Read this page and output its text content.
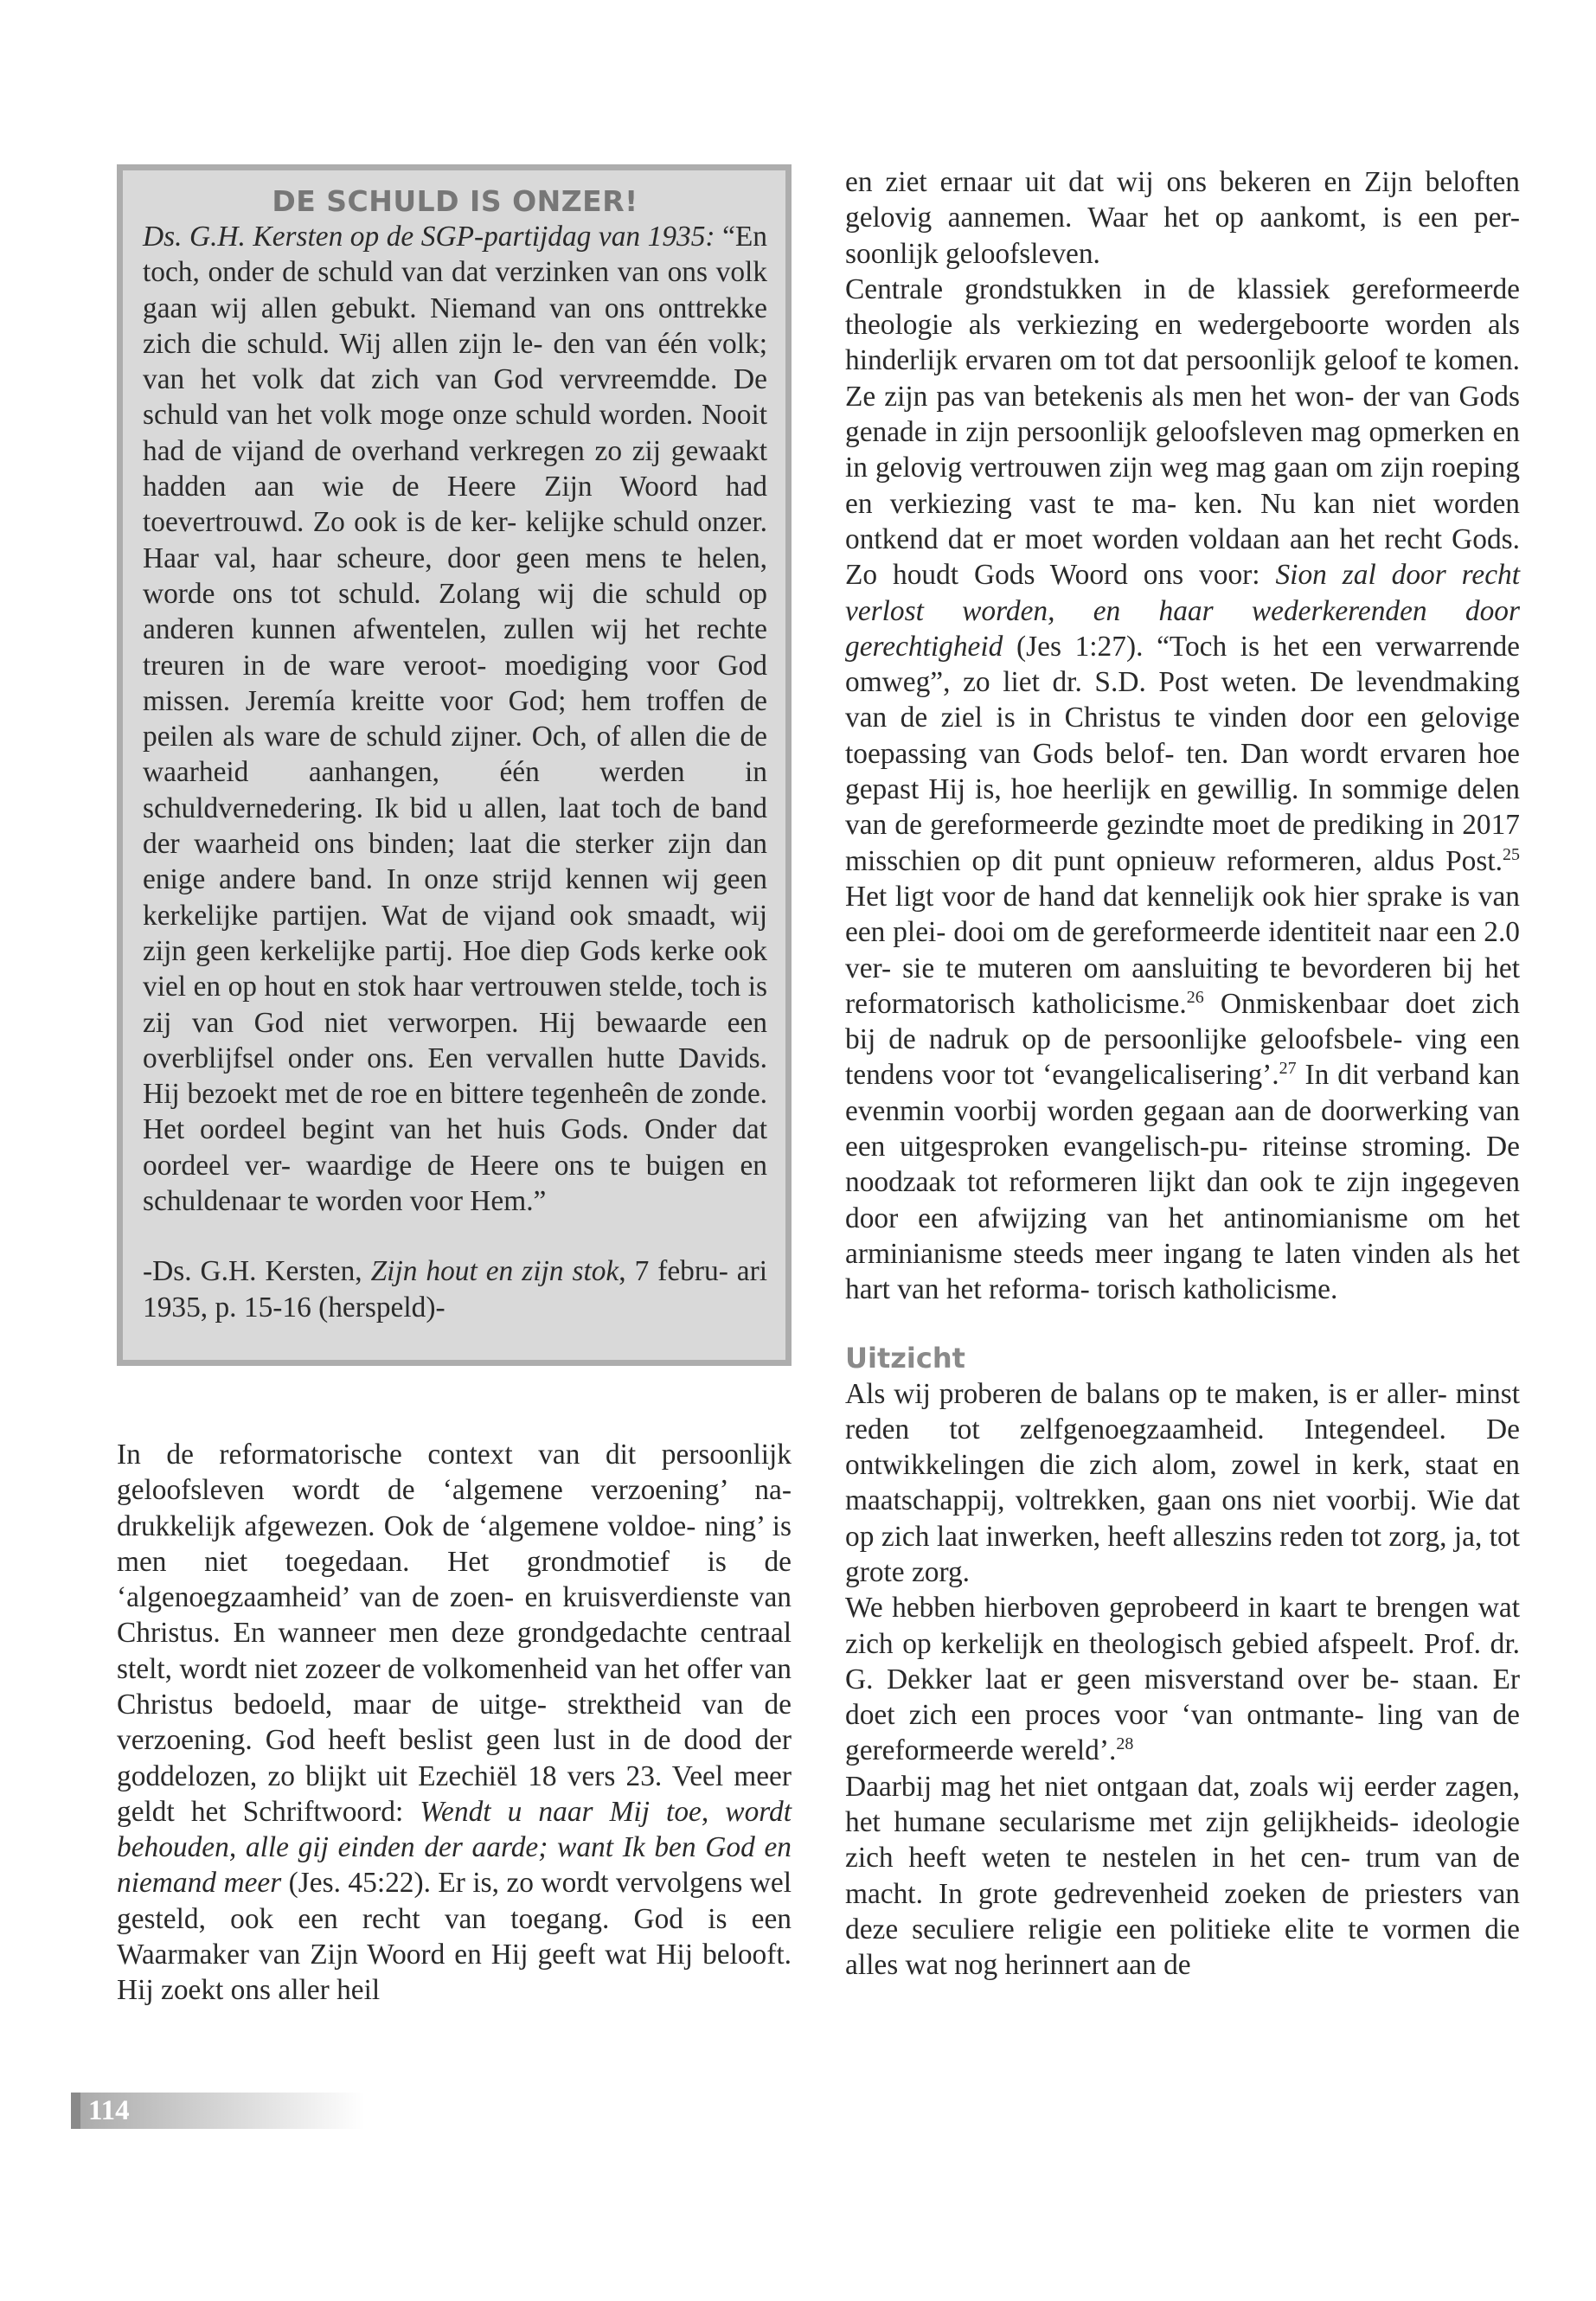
DE SCHULD IS ONZER!

Ds. G.H. Kersten op de SGP-partijdag van 1935: “En toch, onder de schuld van dat verzinken van ons volk gaan wij allen gebukt. Niemand van ons onttrekke zich die schuld. Wij allen zijn le- den van één volk; van het volk dat zich van God vervreemdde. De schuld van het volk moge onze schuld worden. Nooit had de vijand de overhand verkregen zo zij gewaakt hadden aan wie de Heere Zijn Woord had toevertrouwd. Zo ook is de ker- kelijke schuld onzer. Haar val, haar scheure, door geen mens te helen, worde ons tot schuld. Zolang wij die schuld op anderen kunnen afwentelen, zullen wij het rechte treuren in de ware veroot- moediging voor God missen. Jeremía kreitte voor God; hem troffen de peilen als ware de schuld zijner. Och, of allen die de waarheid aanhangen, één werden in schuldvernedering. Ik bid u allen, laat toch de band der waarheid ons binden; laat die sterker zijn dan enige andere band. In onze strijd kennen wij geen kerkelijke partijen. Wat de vijand ook smaadt, wij zijn geen kerkelijke partij. Hoe diep Gods kerke ook viel en op hout en stok haar vertrouwen stelde, toch is zij van God niet verworpen. Hij bewaarde een overblijfsel onder ons. Een vervallen hutte Davids. Hij bezoekt met de roe en bittere tegenheên de zonde. Het oordeel begint van het huis Gods. Onder dat oordeel ver- waardige de Heere ons te buigen en schuldenaar te worden voor Hem.”

-Ds. G.H. Kersten, Zijn hout en zijn stok, 7 febru- ari 1935, p. 15-16 (herspeld)-

In de reformatorische context van dit persoonlijk geloofsleven wordt de ‘algemene verzoening’ na- drukkelijk afgewezen. Ook de ‘algemene voldoe- ning’ is men niet toegedaan. Het grondmotief is de ‘algenoegzaamheid’ van de zoen- en kruisverdienste van Christus. En wanneer men deze grondgedachte centraal stelt, wordt niet zozeer de volkomenheid van het offer van Christus bedoeld, maar de uitge- strektheid van de verzoening. God heeft beslist geen lust in de dood der goddelozen, zo blijkt uit Ezechiël 18 vers 23. Veel meer geldt het Schriftwoord: Wendt u naar Mij toe, wordt behouden, alle gij einden der aarde; want Ik ben God en niemand meer (Jes. 45:22). Er is, zo wordt vervolgens wel gesteld, ook een recht van toegang. God is een Waarmaker van Zijn Woord en Hij geeft wat Hij belooft. Hij zoekt ons aller heil

en ziet ernaar uit dat wij ons bekeren en Zijn beloften gelovig aannemen. Waar het op aankomt, is een per- soonlijk geloofsleven.

Centrale grondstukken in de klassiek gereformeerde theologie als verkiezing en wedergeboorte worden als hinderlijk ervaren om tot dat persoonlijk geloof te komen. Ze zijn pas van betekenis als men het won- der van Gods genade in zijn persoonlijk geloofsleven mag opmerken en in gelovig vertrouwen zijn weg mag gaan om zijn roeping en verkiezing vast te ma- ken. Nu kan niet worden ontkend dat er moet worden voldaan aan het recht Gods. Zo houdt Gods Woord ons voor: Sion zal door recht verlost worden, en haar wederkerenden door gerechtigheid (Jes 1:27). “Toch is het een verwarrende omweg”, zo liet dr. S.D. Post weten. De levendmaking van de ziel is in Christus te vinden door een gelovige toepassing van Gods belof- ten. Dan wordt ervaren hoe gepast Hij is, hoe heerlijk en gewillig. In sommige delen van de gereformeerde gezindte moet de prediking in 2017 misschien op dit punt opnieuw reformeren, aldus Post.$^{25}$ Het ligt voor de hand dat kennelijk ook hier sprake is van een plei- dooi om de gereformeerde identiteit naar een 2.0 ver- sie te muteren om aansluiting te bevorderen bij het reformatorisch katholicisme.$^{26}$ Onmiskenbaar doet zich bij de nadruk op de persoonlijke geloofsbele- ving een tendens voor tot ‘evangelicalisering’.$^{27}$ In dit verband kan evenmin voorbij worden gegaan aan de doorwerking van een uitgesproken evangelisch-pu- riteinse stroming. De noodzaak tot reformeren lijkt dan ook te zijn ingegeven door een afwijzing van het antinomianisme om het arminianisme steeds meer ingang te laten vinden als het hart van het reforma- torisch katholicisme.

Uitzicht

Als wij proberen de balans op te maken, is er aller- minst reden tot zelfgenoegzaamheid. Integendeel. De ontwikkelingen die zich alom, zowel in kerk, staat en maatschappij, voltrekken, gaan ons niet voorbij. Wie dat op zich laat inwerken, heeft alleszins reden tot zorg, ja, tot grote zorg.

We hebben hierboven geprobeerd in kaart te brengen wat zich op kerkelijk en theologisch gebied afspeelt. Prof. dr. G. Dekker laat er geen misverstand over be- staan. Er doet zich een proces voor ‘van ontmante- ling van de gereformeerde wereld’.$^{28}$

Daarbij mag het niet ontgaan dat, zoals wij eerder zagen, het humane secularisme met zijn gelijkheids- ideologie zich heeft weten te nestelen in het cen- trum van de macht. In grote gedrevenheid zoeken de priesters van deze seculiere religie een politieke elite te vormen die alles wat nog herinnert aan de

114
